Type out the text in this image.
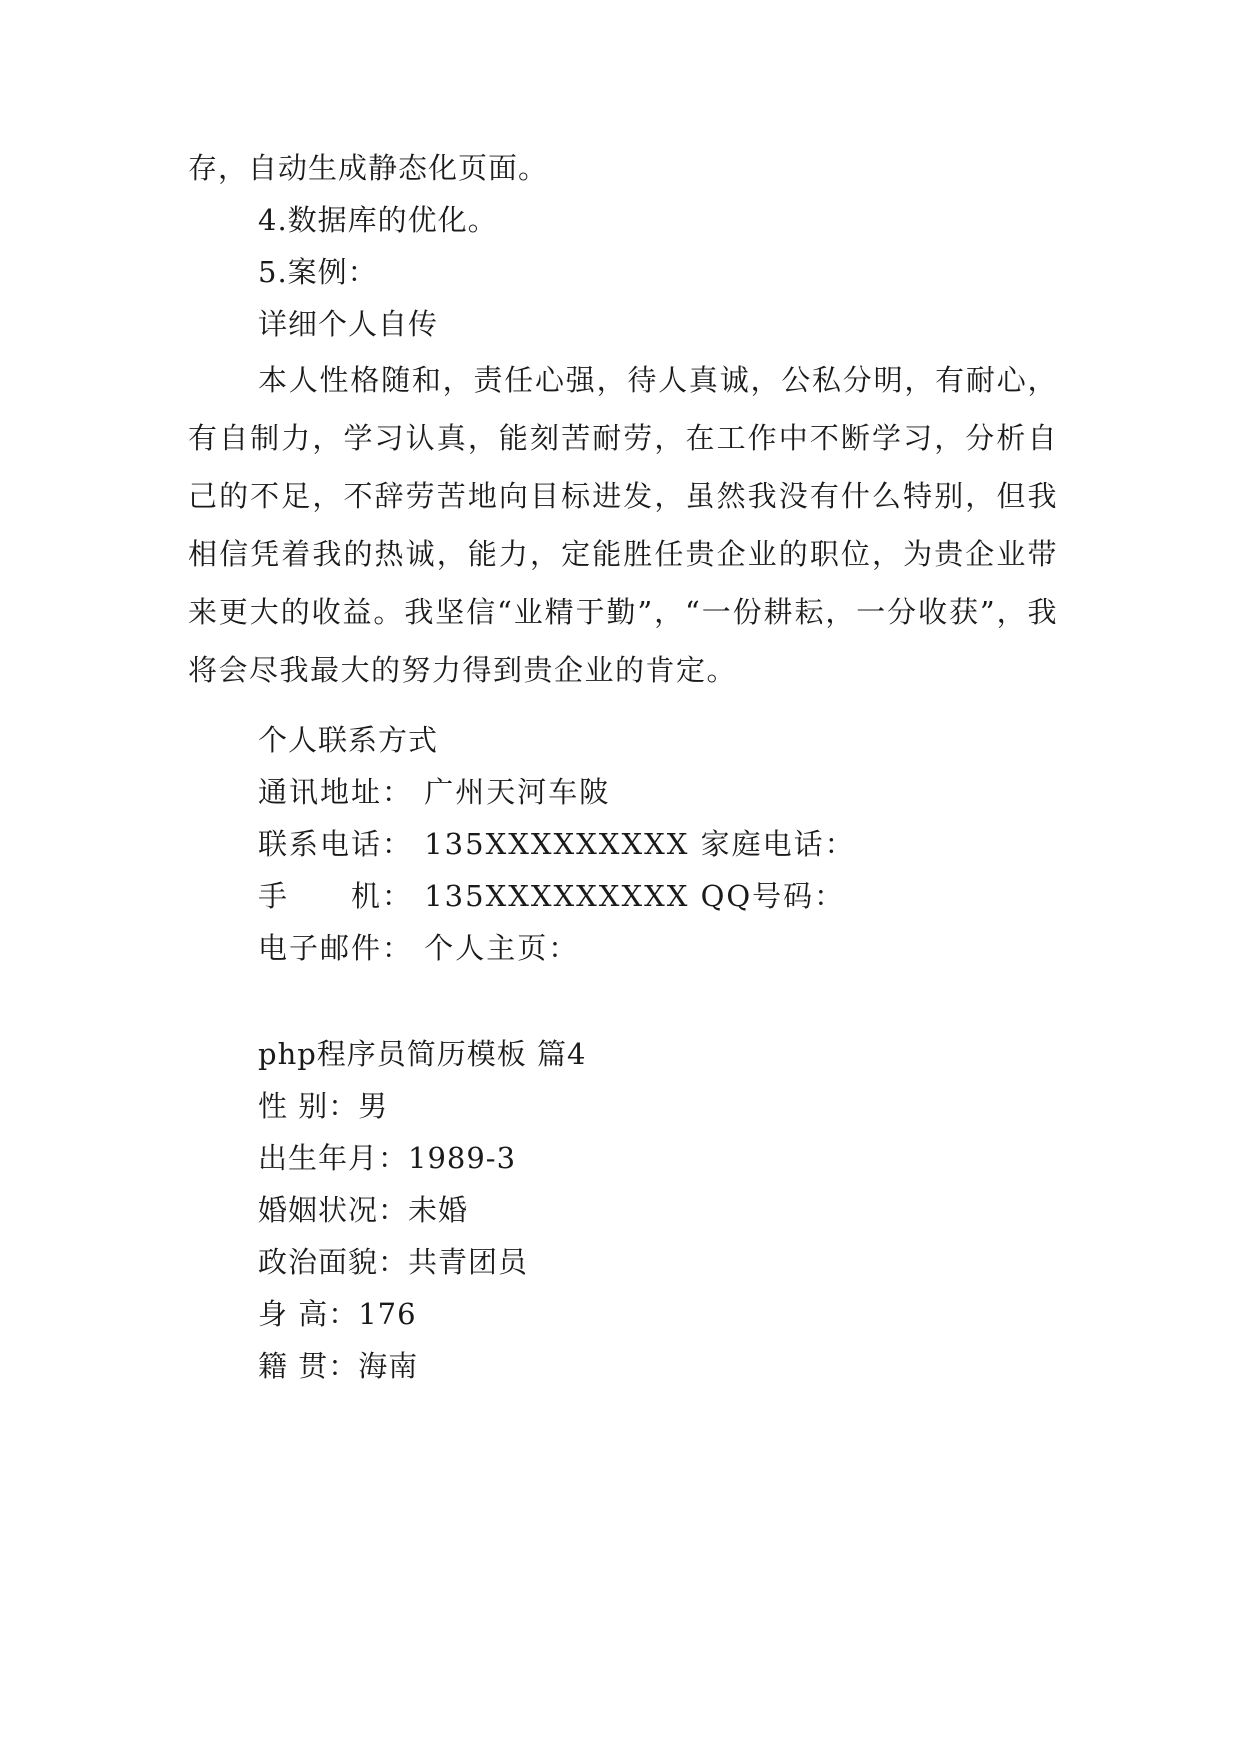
存，自动生成静态化页面。
4.数据库的优化。
5.案例：
详细个人自传
本人性格随和，责任心强，待人真诚，公私分明，有耐心，有自制力，学习认真，能刻苦耐劳，在工作中不断学习，分析自己的不足，不辞劳苦地向目标进发，虽然我没有什么特别，但我相信凭着我的热诚，能力，定能胜任贵企业的职位，为贵企业带来更大的收益。我坚信“业精于勤”，“一份耕耘，一分收获”，我将会尽我最大的努力得到贵企业的肯定。
个人联系方式
通讯地址： 广州天河车陂
联系电话： 135XXXXXXXXX 家庭电话：
手　　机： 135XXXXXXXXX QQ号码：
电子邮件： 个人主页：
php程序员简历模板 篇4
性 别：男
出生年月：1989-3
婚姻状况：未婚
政治面貌：共青团员
身 高：176
籍 贯：海南
